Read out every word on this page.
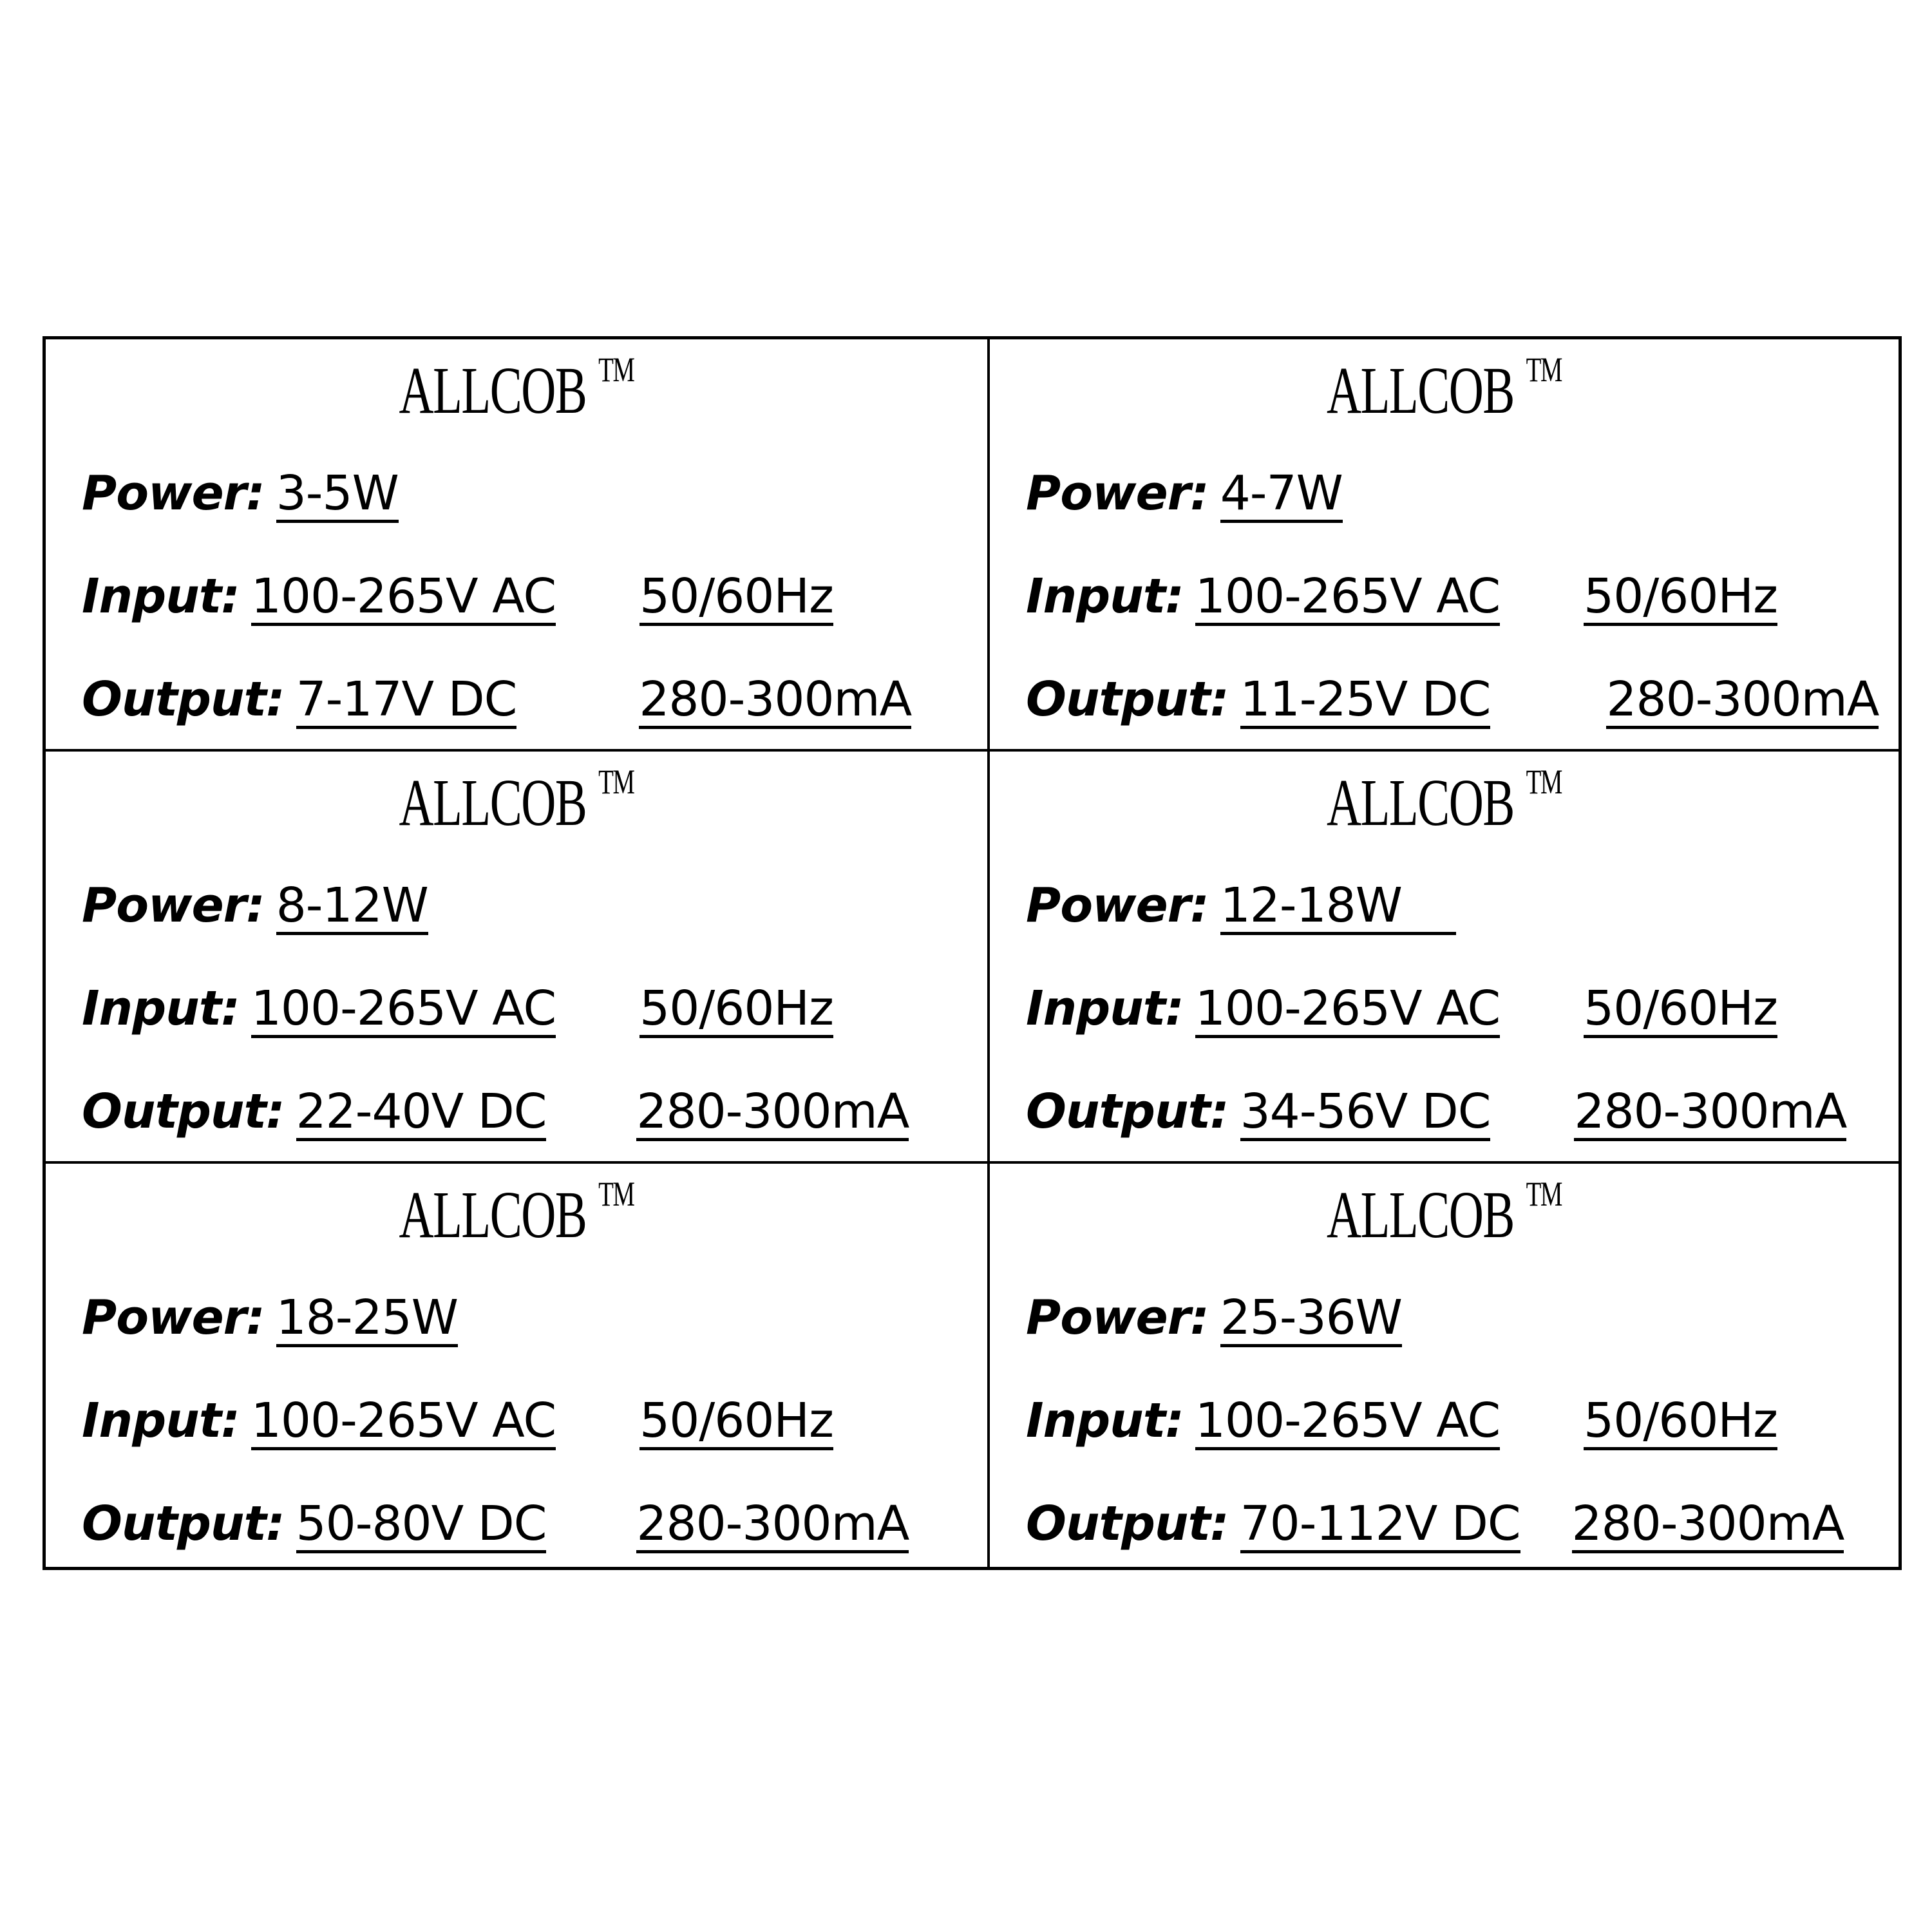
ALLCOB ™
Power: 3-5W
Input: 100-265V AC 50/60Hz
Output: 7-17V DC	280-300mA
ALLCOB ™
Power: 4-7W
Input: 100-265V AC 50/60Hz
Output: 11-25V DC 280-300mA
ALLCOB ™
Power: 8-12W
Input: 100-265V AC 50/60Hz
Output: 22-40V DC 280-300mA
ALLCOB ™
Power: 12-18W
Input: 100-265V AC 50/60Hz
Output: 34-56V DC 280-300mA
ALLCOB ™
Power: 18-25W
Input: 100-265V AC 50/60Hz
Output: 50-80V DC 280-300mA
ALLCOB ™
Power: 25-36W
Input: 100-265V AC 50/60Hz
Output: 70-112V DC 280-300mA
